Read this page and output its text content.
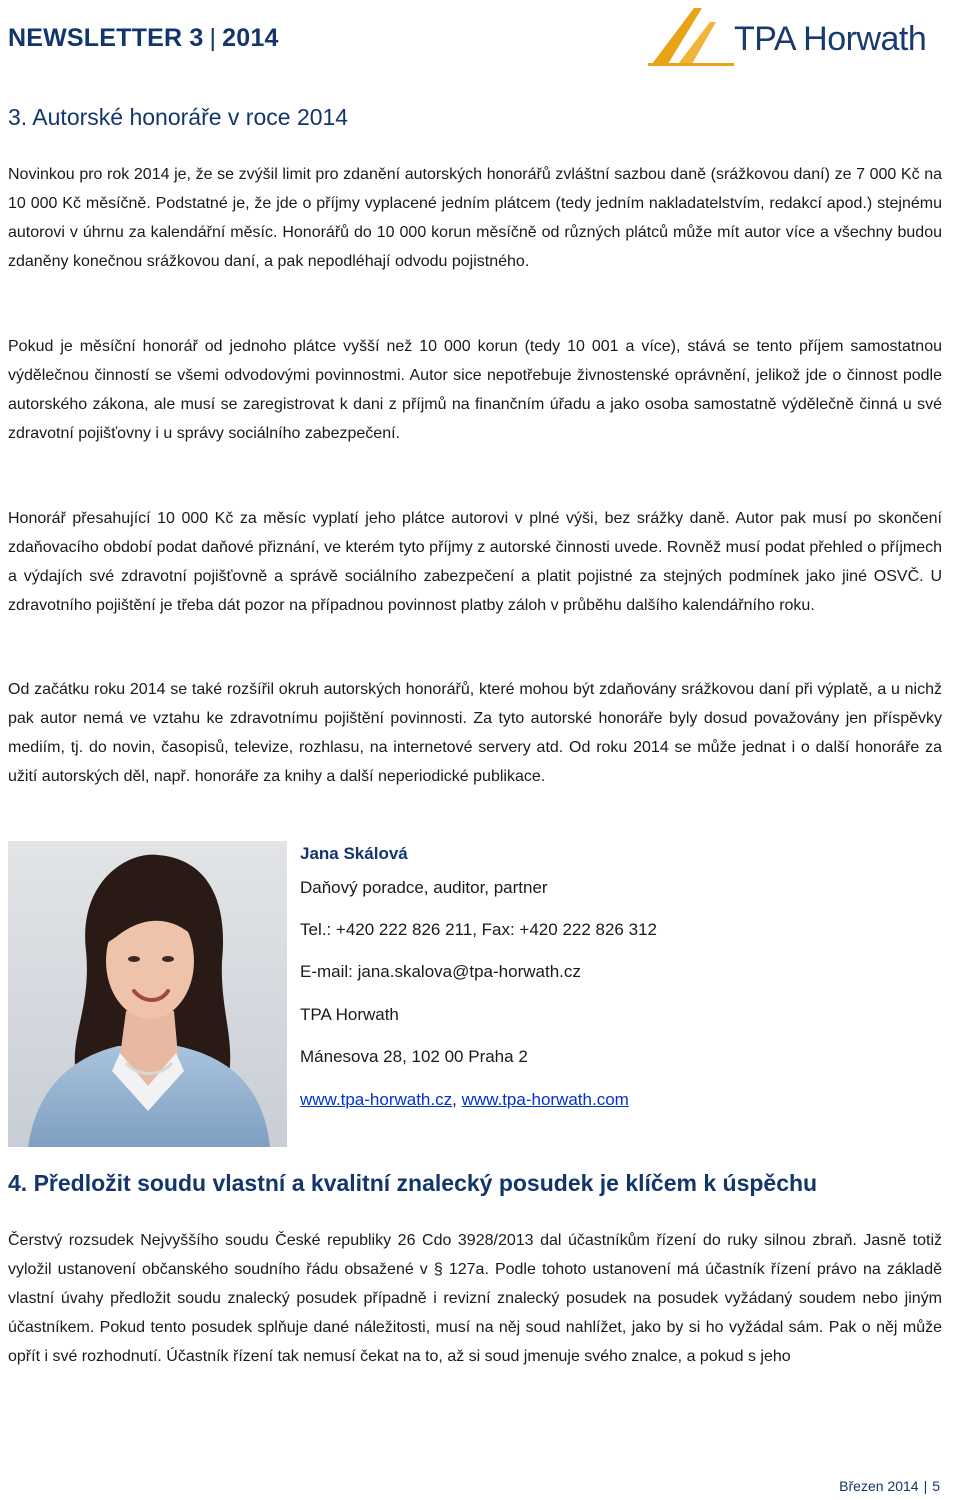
NEWSLETTER 3 | 2014	TPA Horwath
3. Autorské honoráře v roce 2014

Novinkou pro rok 2014 je, že se zvýšil limit pro zdanění autorských honorářů zvláštní sazbou daně (srážkovou daní) ze 7 000 Kč na 10 000 Kč měsíčně. Podstatné je, že jde o příjmy vyplacené jedním plátcem (tedy jedním nakladatelstvím, redakcí apod.) stejnému autorovi v úhrnu za kalendářní měsíc. Honorářů do 10 000 korun měsíčně od různých plátců může mít autor více a všechny budou zdaněny konečnou srážkovou daní, a pak nepodléhají odvodu pojistného.

Pokud je měsíční honorář od jednoho plátce vyšší než 10 000 korun (tedy 10 001 a více), stává se tento příjem samostatnou výdělečnou činností se všemi odvodovými povinnostmi. Autor sice nepotřebuje živnostenské oprávnění, jelikož jde o činnost podle autorského zákona, ale musí se zaregistrovat k dani z příjmů na finančním úřadu a jako osoba samostatně výdělečně činná u své zdravotní pojišťovny i u správy sociálního zabezpečení.

Honorář přesahující 10 000 Kč za měsíc vyplatí jeho plátce autorovi v plné výši, bez srážky daně. Autor pak musí po skončení zdaňovacího období podat daňové přiznání, ve kterém tyto příjmy z autorské činnosti uvede. Rovněž musí podat přehled o příjmech a výdajích své zdravotní pojišťovně a správě sociálního zabezpečení a platit pojistné za stejných podmínek jako jiné OSVČ. U zdravotního pojištění je třeba dát pozor na případnou povinnost platby záloh v průběhu dalšího kalendářního roku.

Od začátku roku 2014 se také rozšířil okruh autorských honorářů, které mohou být zdaňovány srážkovou daní při výplatě, a u nichž pak autor nemá ve vztahu ke zdravotnímu pojištění povinnosti. Za tyto autorské honoráře byly dosud považovány jen příspěvky mediím, tj. do novin, časopisů, televize, rozhlasu, na internetové servery atd. Od roku 2014 se může jednat i o další honoráře za užití autorských děl, např. honoráře za knihy a další neperiodické publikace.

Jana Skálová
Daňový poradce, auditor, partner
Tel.: +420 222 826 211, Fax: +420 222 826 312
E-mail: jana.skalova@tpa-horwath.cz
TPA Horwath
Mánesova 28, 102 00 Praha 2
www.tpa-horwath.cz, www.tpa-horwath.com
4. Předložit soudu vlastní a kvalitní znalecký posudek je klíčem k úspěchu

Čerstvý rozsudek Nejvyššího soudu České republiky 26 Cdo 3928/2013 dal účastníkům řízení do ruky silnou zbraň. Jasně totiž vyložil ustanovení občanského soudního řádu obsažené v § 127a. Podle tohoto ustanovení má účastník řízení právo na základě vlastní úvahy předložit soudu znalecký posudek případně i revizní znalecký posudek na posudek vyžádaný soudem nebo jiným účastníkem. Pokud tento posudek splňuje dané náležitosti, musí na něj soud nahlížet, jako by si ho vyžádal sám. Pak o něj může opřít i své rozhodnutí. Účastník řízení tak nemusí čekat na to, až si soud jmenuje svého znalce, a pokud s jeho

Březen 2014 | 5
